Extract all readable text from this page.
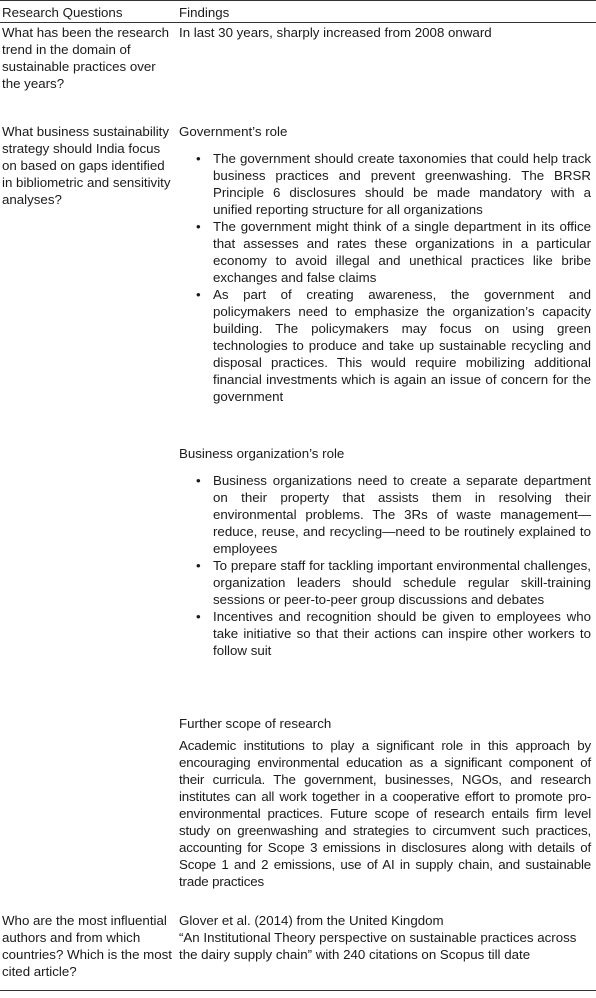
Research Questions	Findings
What has been the research trend in the domain of sustainable practices over the years?
In last 30 years, sharply increased from 2008 onward
What business sustainability strategy should India focus on based on gaps identified in bibliometric and sensitivity analyses?
Government’s role
• The government should create taxonomies that could help track business practices and prevent greenwashing. The BRSR Principle 6 disclosures should be made mandatory with a unified reporting structure for all organizations
• The government might think of a single department in its office that assesses and rates these organizations in a particular economy to avoid illegal and unethical practices like bribe exchanges and false claims
• As part of creating awareness, the government and policymakers need to emphasize the organization’s capacity building. The policymakers may focus on using green technologies to produce and take up sustainable recycling and disposal practices. This would require mobilizing additional financial investments which is again an issue of concern for the government
Business organization’s role
• Business organizations need to create a separate department on their property that assists them in resolving their environmental problems. The 3Rs of waste management—reduce, reuse, and recycling—need to be routinely explained to employees
• To prepare staff for tackling important environmental challenges, organization leaders should schedule regular skill-training sessions or peer-to-peer group discussions and debates
• Incentives and recognition should be given to employees who take initiative so that their actions can inspire other workers to follow suit
Further scope of research
Academic institutions to play a significant role in this approach by encouraging environmental education as a significant component of their curricula. The government, businesses, NGOs, and research institutes can all work together in a cooperative effort to promote pro-environmental practices. Future scope of research entails firm level study on greenwashing and strategies to circumvent such practices, accounting for Scope 3 emissions in disclosures along with details of Scope 1 and 2 emissions, use of AI in supply chain, and sustainable trade practices
Who are the most influential authors and from which countries? Which is the most cited article?
Glover et al. (2014) from the United Kingdom
“An Institutional Theory perspective on sustainable practices across the dairy supply chain” with 240 citations on Scopus till date
